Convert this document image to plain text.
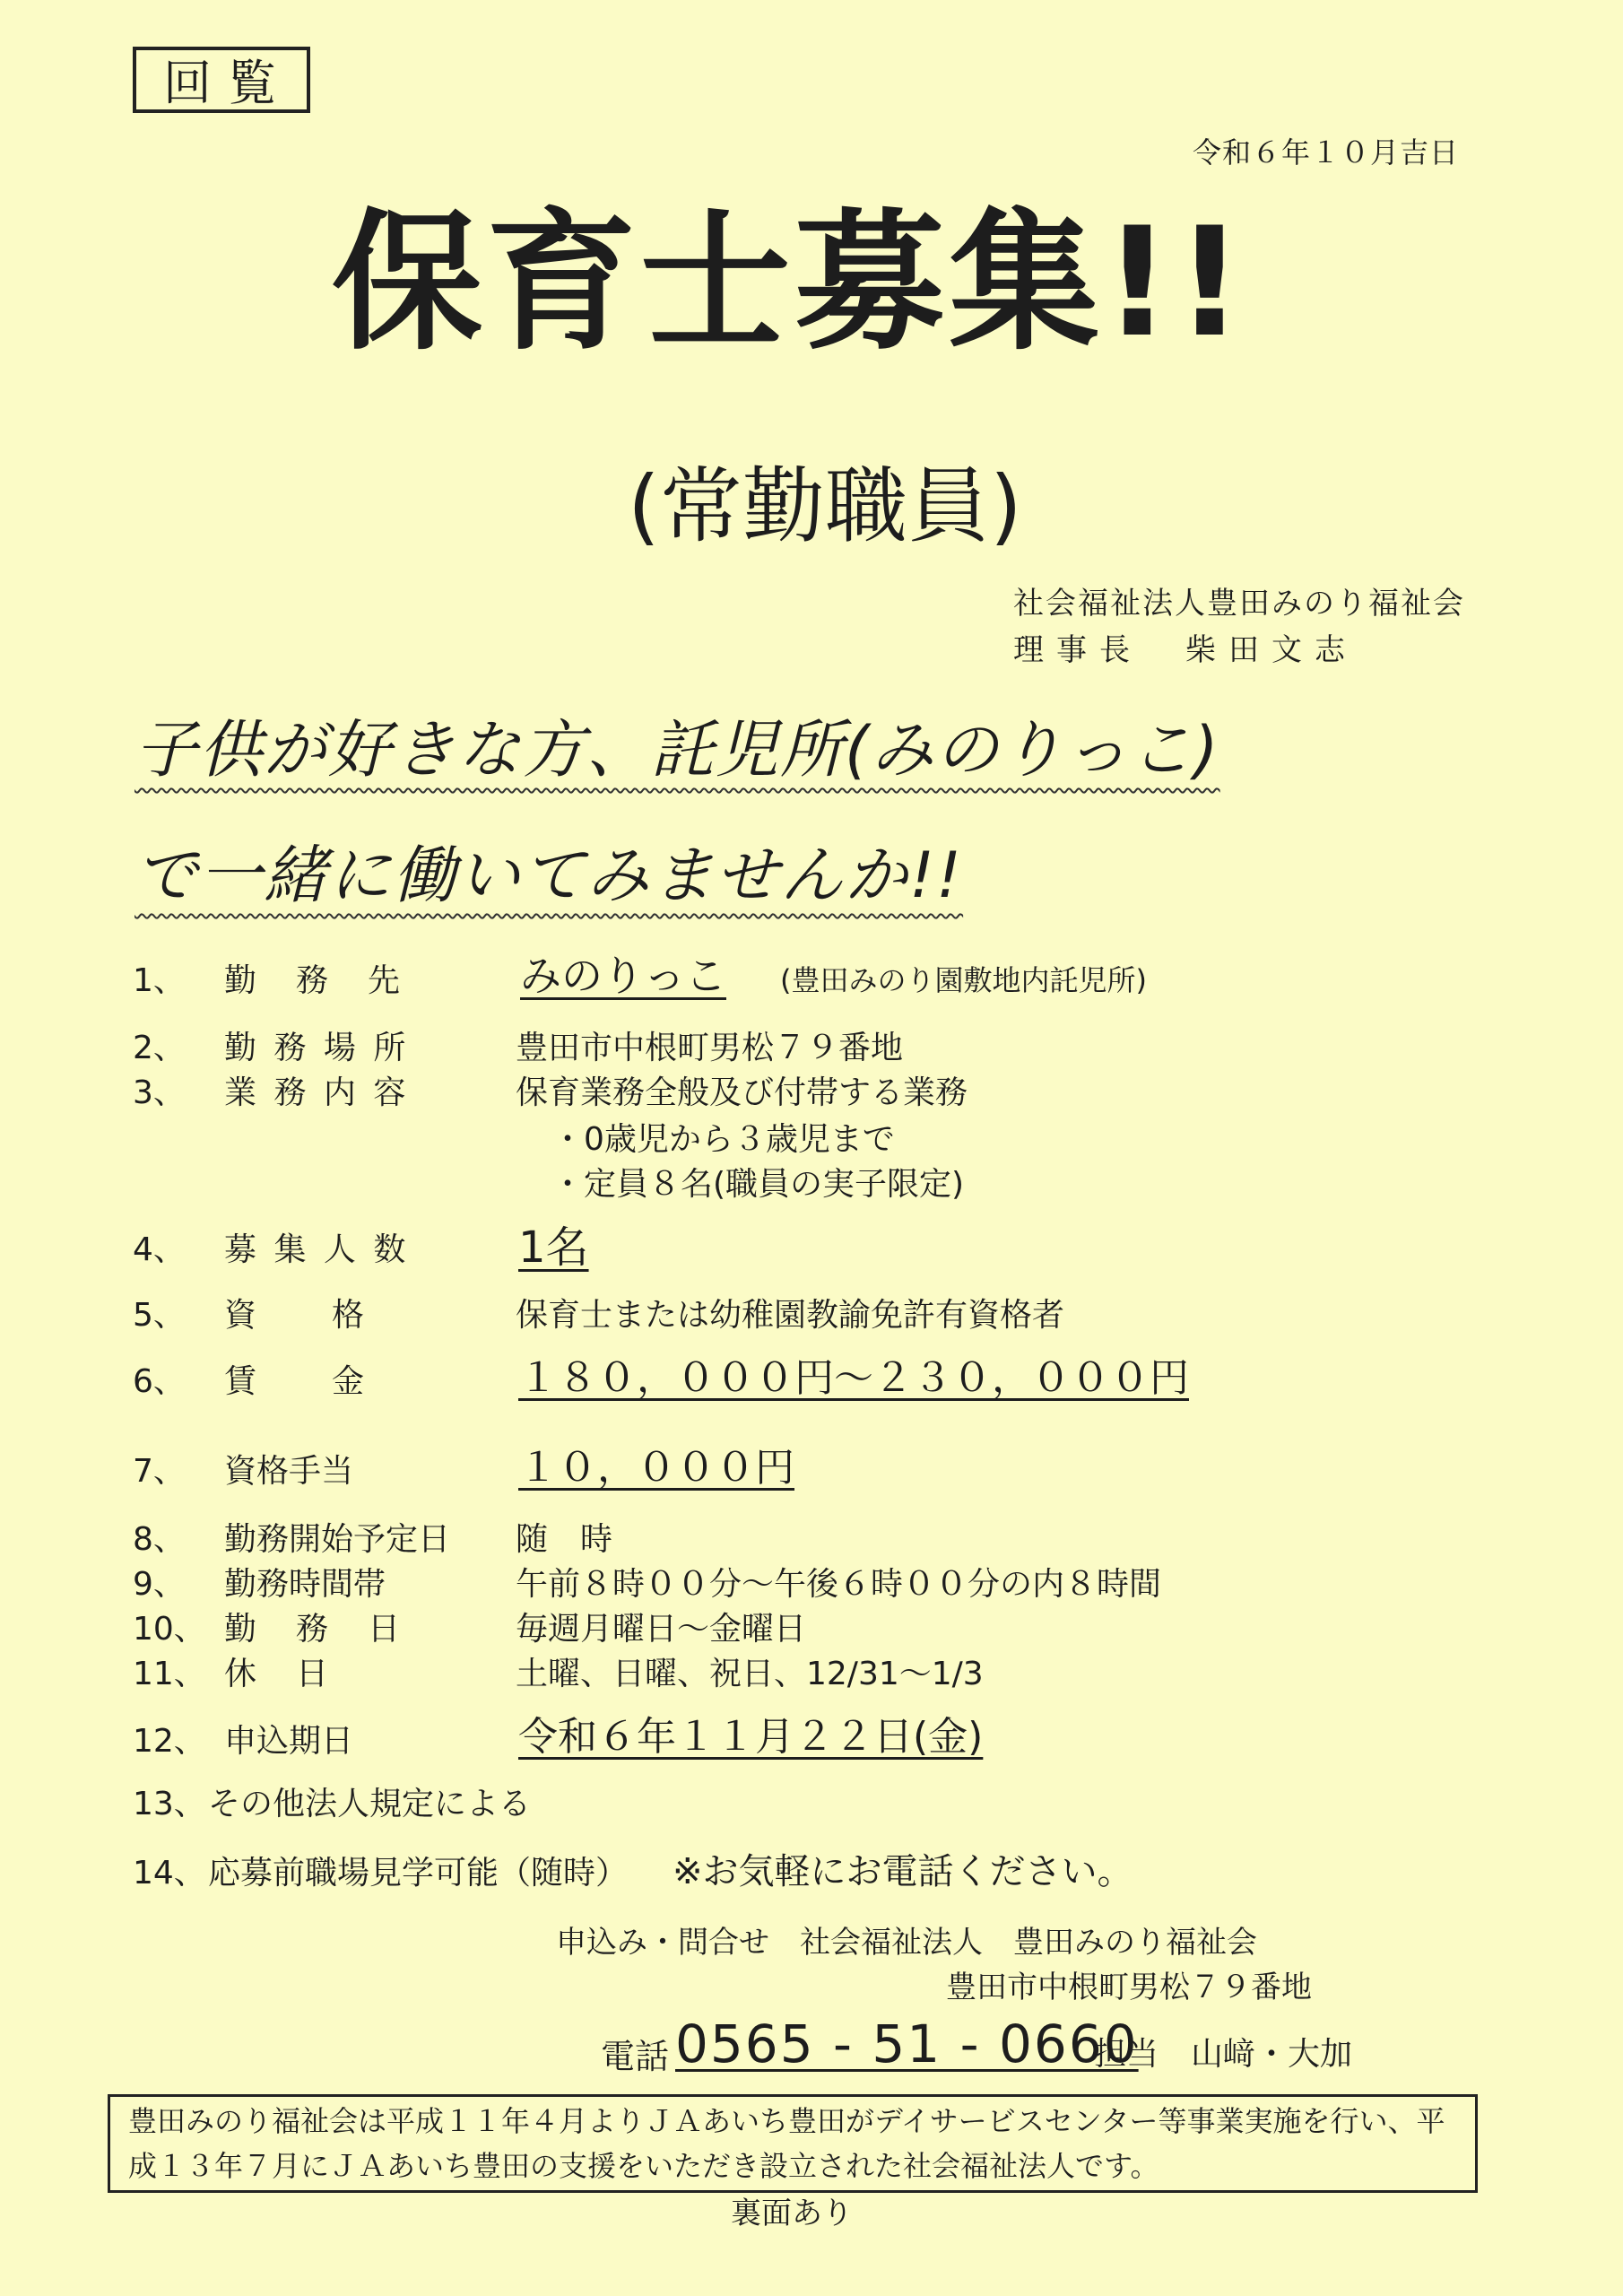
回覧
令和６年１０月吉日
保育士募集!!
(常勤職員)
社会福祉法人豊田みのり福祉会
理事長　柴田文志
子供が好きな方、託児所(みのりっこ)
で一緒に働いてみませんか!!
1、 勤　務　先	みのりっこ (豊田みのり園敷地内託児所)
2、 勤 務 場 所	豊田市中根町男松７９番地
3、 業 務 内 容	保育業務全般及び付帯する業務
・0歳児から３歳児まで
・定員８名(職員の実子限定)
4、 募 集 人 数	1名
5、 資　　格	保育士または幼稚園教諭免許有資格者
6、 賃　　金	１８０，０００円～２３０，０００円
7、 資格手当	１０，０００円
8、 勤務開始予定日 随　時
9、 勤務時間帯	午前８時００分～午後６時００分の内８時間
10、 勤　務　日	毎週月曜日～金曜日
11、 休　日	土曜、日曜、祝日、12/31～1/3
12、 申込期日	令和６年１１月２２日(金)
13、 その他法人規定による
14、 応募前職場見学可能（随時） ※お気軽にお電話ください。
申込み・問合せ　社会福祉法人　豊田みのり福祉会
豊田市中根町男松７９番地
電話 0565 - 51 - 0660
担当　山﨑・大加
豊田みのり福祉会は平成１１年４月よりＪＡあいち豊田がデイサービスセンター等事業実施を行い、平成１３年７月にＪＡあいち豊田の支援をいただき設立された社会福祉法人です。
裏面あり
